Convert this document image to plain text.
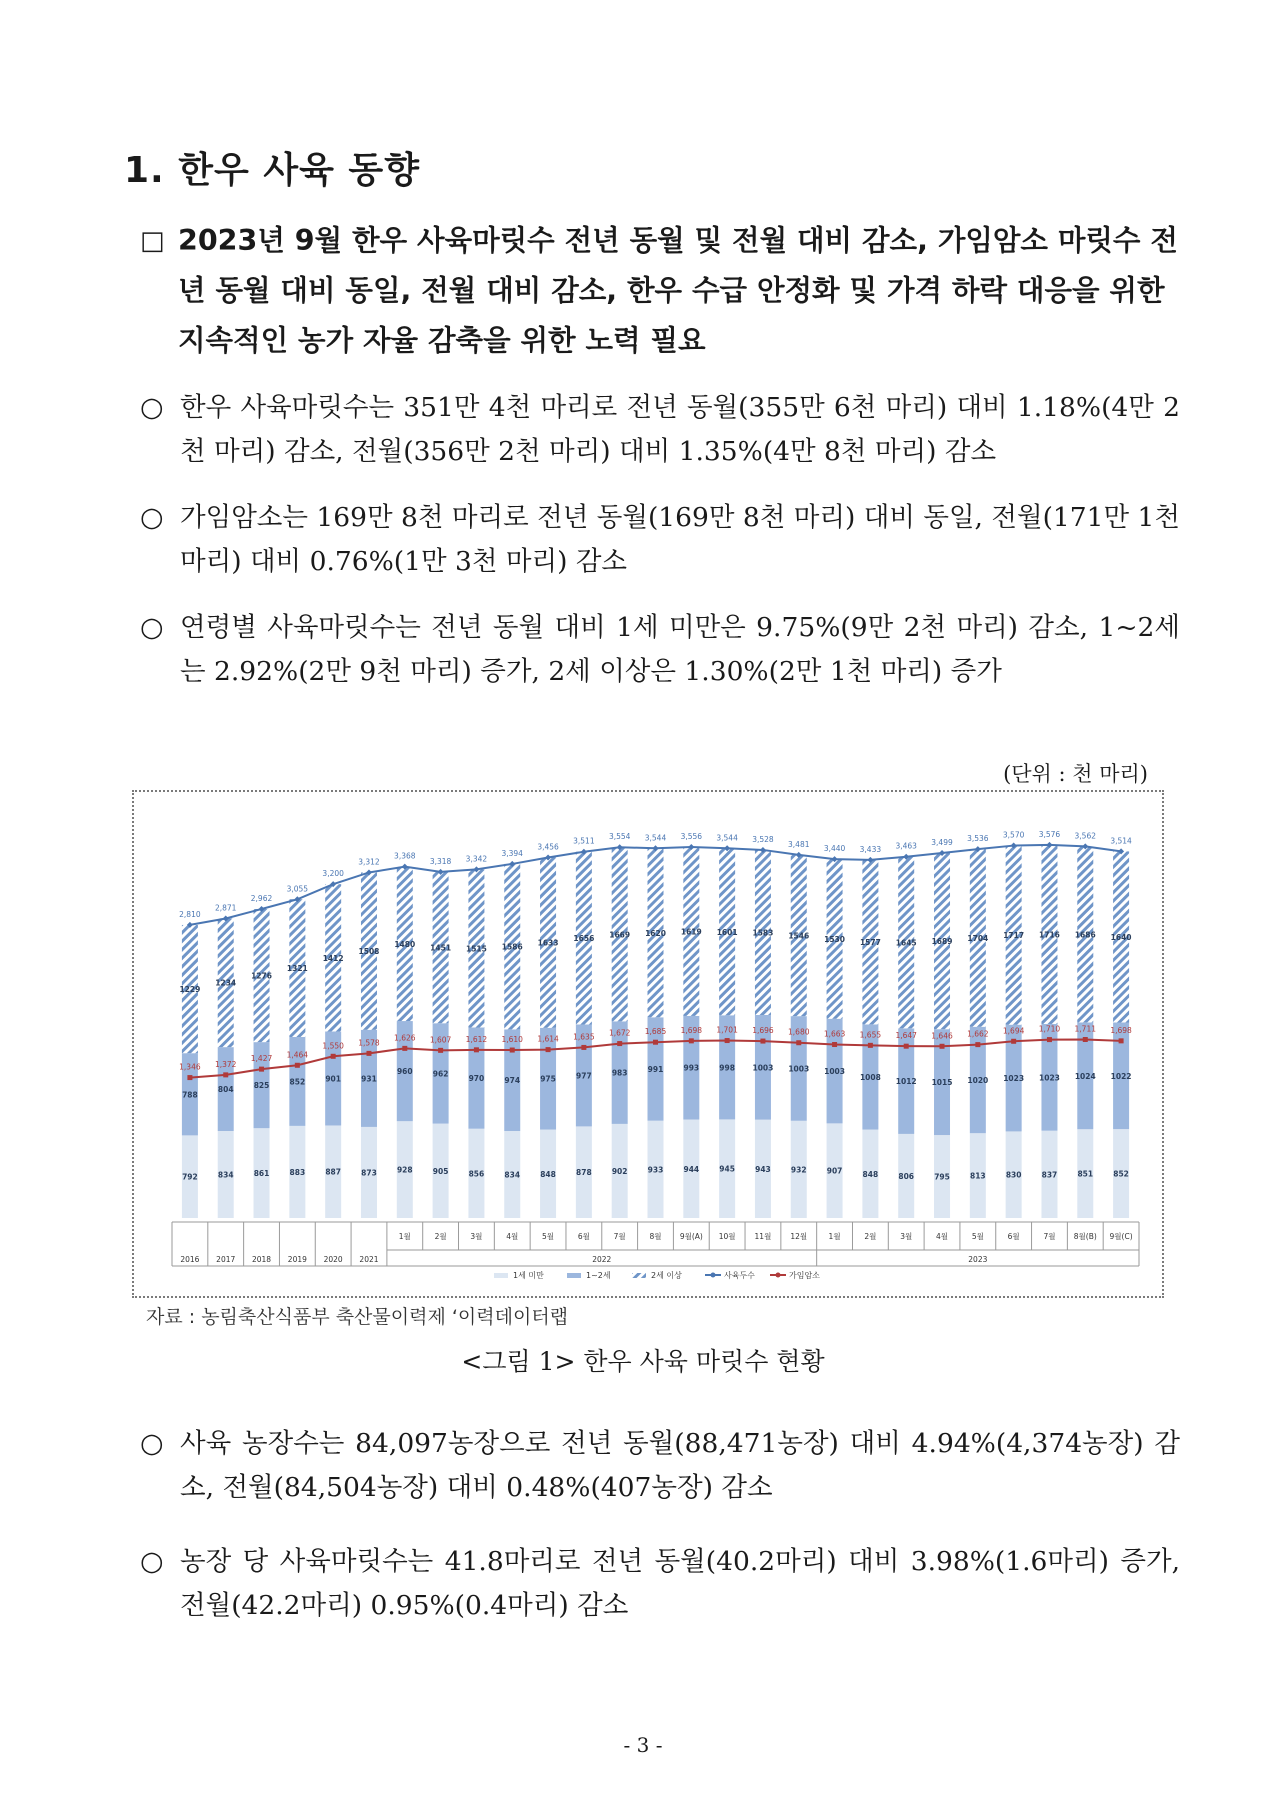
1. 한우 사육 동향
□ 2023년 9월 한우 사육마릿수 전년 동월 및 전월 대비 감소, 가임암소 마릿수 전년 동월 대비 동일, 전월 대비 감소, 한우 수급 안정화 및 가격 하락 대응을 위한 지속적인 농가 자율 감축을 위한 노력 필요
○ 한우 사육마릿수는 351만 4천 마리로 전년 동월(355만 6천 마리) 대비 1.18%(4만 2천 마리) 감소, 전월(356만 2천 마리) 대비 1.35%(4만 8천 마리) 감소
○ 가임암소는 169만 8천 마리로 전년 동월(169만 8천 마리) 대비 동일, 전월(171만 1천 마리) 대비 0.76%(1만 3천 마리) 감소
○ 연령별 사육마릿수는 전년 동월 대비 1세 미만은 9.75%(9만 2천 마리) 감소, 1~2세는 2.92%(2만 9천 마리) 증가, 2세 이상은 1.30%(2만 1천 마리) 증가
(단위 : 천 마리)
792
788
1229
834
804
1234
861
825
1276
883
852
1321
887
901
1412
873
931
1508
928
960
1480
905
962
1451
856
970
1515
834
974
1586
848
975
1633
878
977
1656
902
983
1669
933
991
1620
944
993
1619
945
998
1601
943
1003
1583
932
1003
1546
907
1003
1530
848
1008
1577
806
1012
1645
795
1015
1689
813
1020
1704
830
1023
1717
837
1023
1716
851
1024
1686
852
1022
1640
2,810
2,871
2,962
3,055
3,200
3,312
3,368
3,318 3,342
3,394
3,456
3,511 3,554 3,544 3,556 3,544 3,528
3,481 3,440 3,433 3,463 3,499 3,536 3,570 3,576 3,562
3,514
1,346 1,372
1,427 1,464
1,550 1,578
1,626 1,607 1,612 1,610 1,614 1,635 1,672 1,685 1,698 1,701 1,696 1,680 1,663 1,655 1,647 1,646 1,662 1,694 1,710 1,711 1,698
2016 2017 2018 2019 2020 2021
1월	2월	3월	4월	5월	6월	7월	8월 9월(A) 10월	11월	12월	1월	2월	3월	4월	5월	6월	7월 8월(B) 9월(C)
2022	2023
1세 미만	1~2세	2세 이상	사육두수	가임암소
자료 : 농림축산식품부 축산물이력제 ‘이력데이터랩
<그림 1> 한우 사육 마릿수 현황
○ 사육 농장수는 84,097농장으로 전년 동월(88,471농장) 대비 4.94%(4,374농장) 감소, 전월(84,504농장) 대비 0.48%(407농장) 감소
○ 농장 당 사육마릿수는 41.8마리로 전년 동월(40.2마리) 대비 3.98%(1.6마리) 증가, 전월(42.2마리) 0.95%(0.4마리) 감소
- 3 -
